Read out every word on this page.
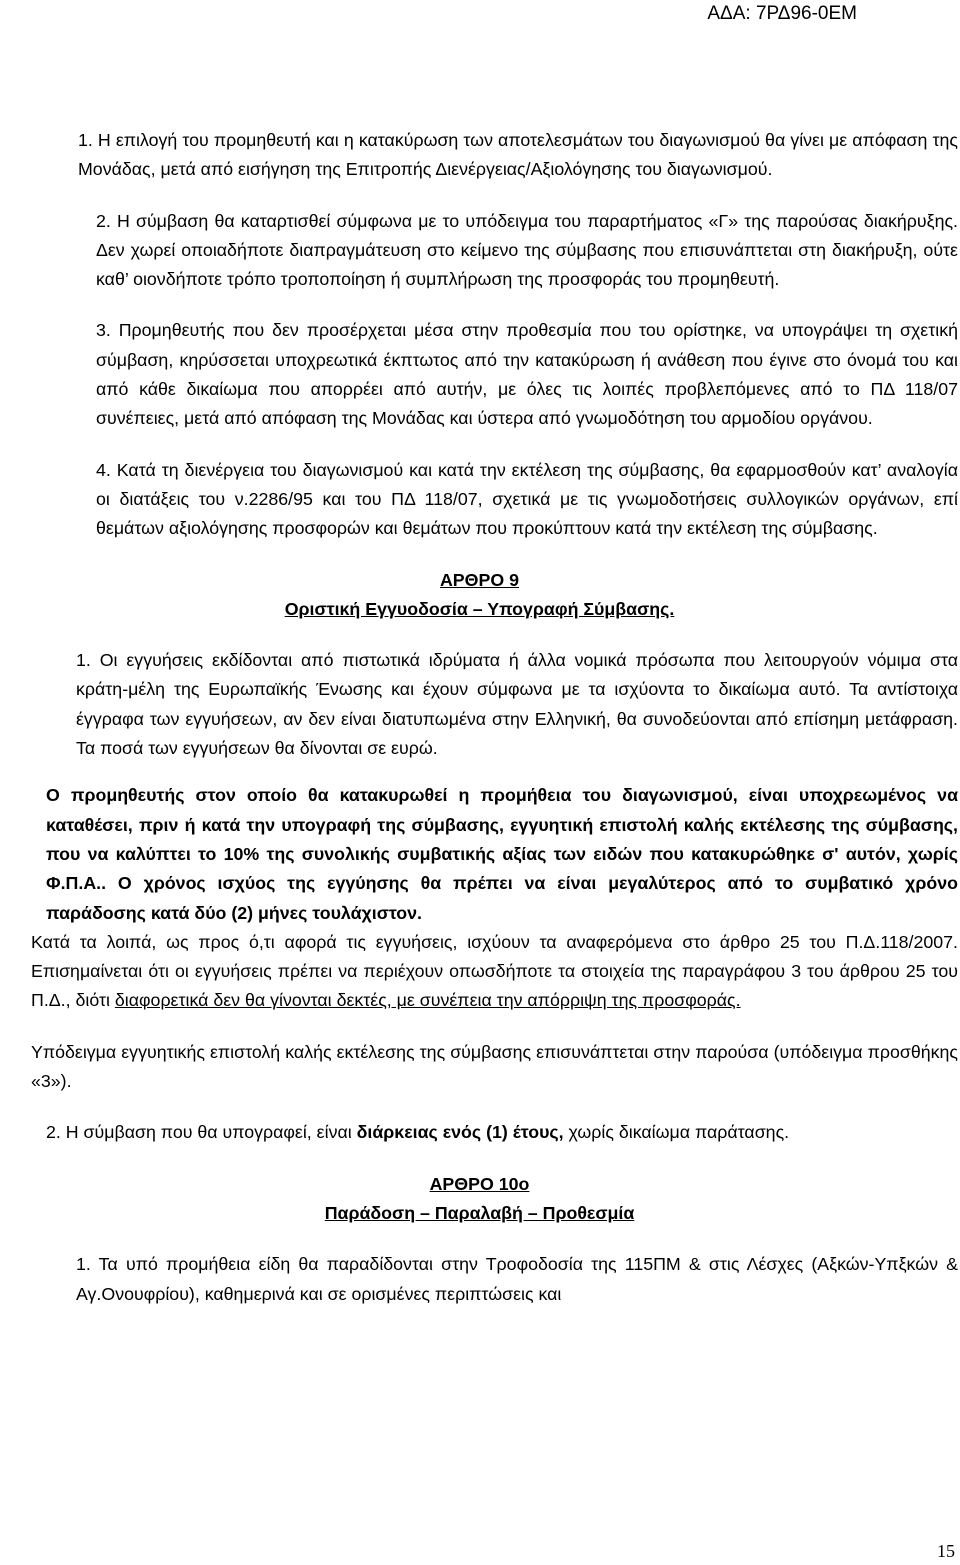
ΑΔΑ: 7ΡΔ96-0ΕΜ

1. Η επιλογή του προμηθευτή και η κατακύρωση των αποτελεσμάτων του διαγωνισμού θα γίνει με απόφαση της Μονάδας, μετά από εισήγηση της Επιτροπής Διενέργειας/Αξιολόγησης του διαγωνισμού.

2. Η σύμβαση θα καταρτισθεί σύμφωνα με το υπόδειγμα του παραρτήματος «Γ» της παρούσας διακήρυξης. Δεν χωρεί οποιαδήποτε διαπραγμάτευση στο κείμενο της σύμβασης που επισυνάπτεται στη διακήρυξη, ούτε καθ’ οιονδήποτε τρόπο τροποποίηση ή συμπλήρωση της προσφοράς του προμηθευτή.

3. Προμηθευτής που δεν προσέρχεται μέσα στην προθεσμία που του ορίστηκε, να υπογράψει τη σχετική σύμβαση, κηρύσσεται υποχρεωτικά έκπτωτος από την κατακύρωση ή ανάθεση που έγινε στο όνομά του και από κάθε δικαίωμα που απορρέει από αυτήν, με όλες τις λοιπές προβλεπόμενες από το ΠΔ 118/07 συνέπειες, μετά από απόφαση της Μονάδας και ύστερα από γνωμοδότηση του αρμοδίου οργάνου.

4. Κατά τη διενέργεια του διαγωνισμού και κατά την εκτέλεση της σύμβασης, θα εφαρμοσθούν κατ’ αναλογία οι διατάξεις του ν.2286/95 και του ΠΔ 118/07, σχετικά με τις γνωμοδοτήσεις συλλογικών οργάνων, επί θεμάτων αξιολόγησης προσφορών και θεμάτων που προκύπτουν κατά την εκτέλεση της σύμβασης.

ΑΡΘΡΟ 9

Οριστική Εγγυοδοσία – Υπογραφή Σύμβασης.

1. Οι εγγυήσεις εκδίδονται από πιστωτικά ιδρύματα ή άλλα νομικά πρόσωπα που λειτουργούν νόμιμα στα κράτη-μέλη της Ευρωπαϊκής Ένωσης και έχουν σύμφωνα με τα ισχύοντα το δικαίωμα αυτό. Τα αντίστοιχα έγγραφα των εγγυήσεων, αν δεν είναι διατυπωμένα στην Ελληνική, θα συνοδεύονται από επίσημη μετάφραση. Τα ποσά των εγγυήσεων θα δίνονται σε ευρώ.

Ο προμηθευτής στον οποίο θα κατακυρωθεί η προμήθεια του διαγωνισμού, είναι υποχρεωμένος να καταθέσει, πριν ή κατά την υπογραφή της σύμβασης, εγγυητική επιστολή καλής εκτέλεσης της σύμβασης, που να καλύπτει το 10% της συνολικής συμβατικής αξίας των ειδών που κατακυρώθηκε σ' αυτόν, χωρίς Φ.Π.Α.. Ο χρόνος ισχύος της εγγύησης θα πρέπει να είναι μεγαλύτερος από το συμβατικό χρόνο παράδοσης κατά δύο (2) μήνες τουλάχιστον.

Κατά τα λοιπά, ως προς ό,τι αφορά τις εγγυήσεις, ισχύουν τα αναφερόμενα στο άρθρο 25 του Π.Δ.118/2007. Επισημαίνεται ότι οι εγγυήσεις πρέπει να περιέχουν οπωσδήποτε τα στοιχεία της παραγράφου 3 του άρθρου 25 του Π.Δ., διότι διαφορετικά δεν θα γίνονται δεκτές, με συνέπεια την απόρριψη της προσφοράς.

Υπόδειγμα εγγυητικής επιστολή καλής εκτέλεσης της σύμβασης επισυνάπτεται στην παρούσα (υπόδειγμα προσθήκης «3»).

2. Η σύμβαση που θα υπογραφεί, είναι διάρκειας ενός (1) έτους, χωρίς δικαίωμα παράτασης.

ΑΡΘΡΟ 10ο

Παράδοση – Παραλαβή – Προθεσμία

1. Τα υπό προμήθεια είδη θα παραδίδονται στην Τροφοδοσία της 115ΠΜ & στις Λέσχες (Αξκών-Υπξκών & Αγ.Ονουφρίου), καθημερινά και σε ορισμένες περιπτώσεις και

15
